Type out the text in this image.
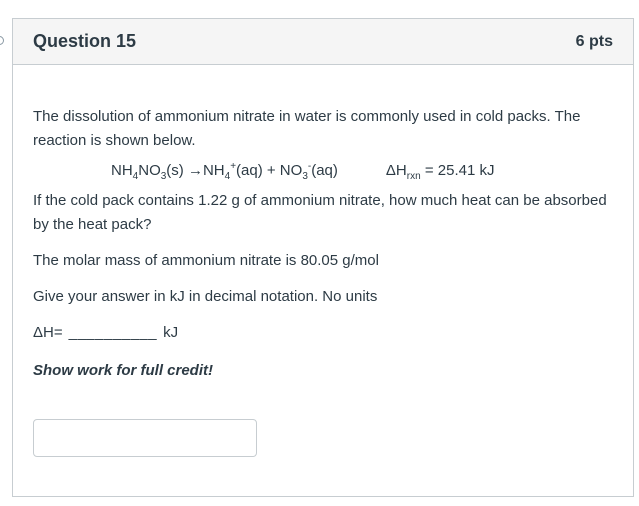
Question 15	6 pts

The dissolution of ammonium nitrate in water is commonly used in cold packs. The reaction is shown below.

$NH_4NO_3(s) \to NH_4^+(aq) + NO_3^-(aq)$	$\Delta H_{rxn} = 25.41$ kJ

If the cold pack contains 1.22 g of ammonium nitrate, how much heat can be absorbed by the heat pack?

The molar mass of ammonium nitrate is 80.05 g/mol

Give your answer in kJ in decimal notation. No units

ΔH= __________ kJ

Show work for full credit!
